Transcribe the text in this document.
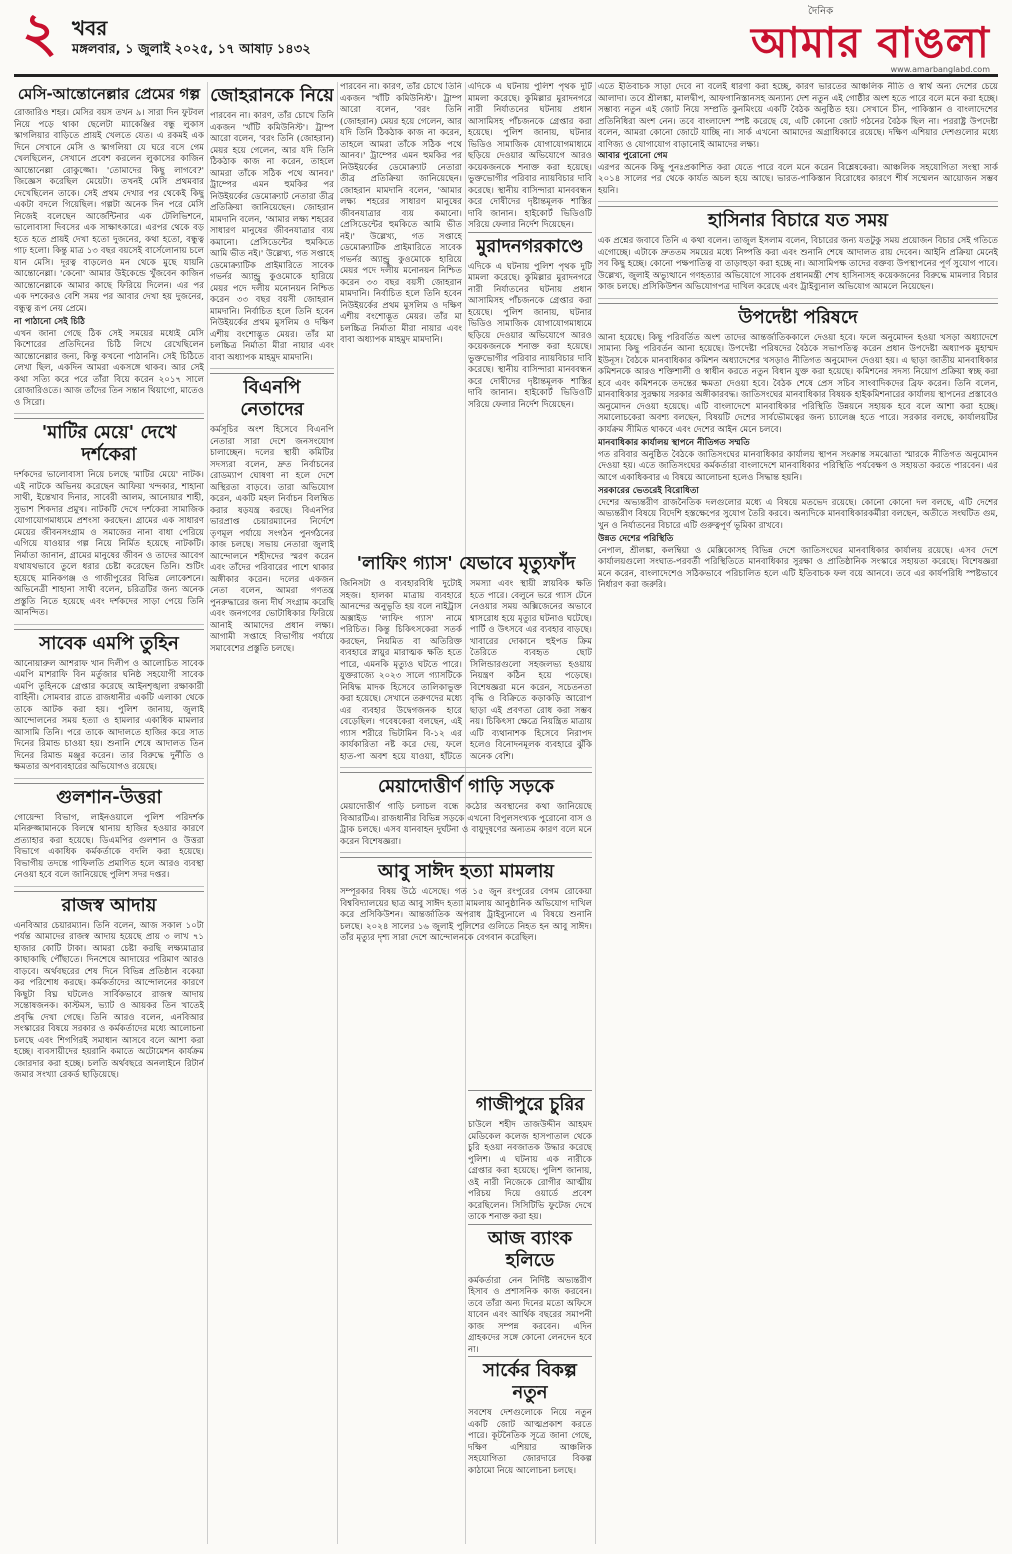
২ খবর
মঙ্গলবার, ১ জুলাই ২০২৫, ১৭ আষাঢ় ১৪৩২
দৈনিক
আমার বাঙলা
www.amarbanglabd.com
মেসি-আন্তোনেল্লার প্রেমের গল্প
রোজারিও শহর। মেসির বয়স তখন ৯। সারা দিন ফুটবল নিয়ে পড়ে থাকা ছেলেটা ম্যাকেঞ্জির বন্ধু লুকাস স্কাগলিয়ার বাড়িতে প্রায়ই খেলতে যেত। এ রকমই এক দিনে সেখানে মেসি ও স্কাগলিয়া যে ঘরে বসে গেম খেলছিলেন, সেখানে প্রবেশ করলেন লুকাসের কাজিন আন্তোনেল্লা রোকুজ্জো। 'তোমাদের কিছু লাগবে?' জিজ্ঞেস করেছিল মেয়েটা। তখনই মেসি প্রথমবার দেখেছিলেন তাকে। সেই প্রথম দেখার পর থেকেই কিছু একটা বদলে গিয়েছিল। গল্পটা অনেক দিন পরে মেসি নিজেই বলেছেন আর্জেন্টিনার এক টেলিভিশনে, ভালোবাসা দিবসের এক সাক্ষাৎকারে। এরপর থেকে বড় হতে হতে প্রায়ই দেখা হতো দুজনের, কথা হতো, বন্ধুত্ব গাঢ় হলো। কিন্তু মাত্র ১৩ বছর বয়সেই বার্সেলোনায় চলে যান মেসি। দূরত্ব বাড়লেও মন থেকে মুছে যায়নি আন্তোনেল্লা। 'কেনো' আমার উইকেন্ডে খুঁজবেন কাজিন আন্তোনেল্লাকে আমার কাছে ফিরিয়ে দিলেন। এর পর এক দশকেরও বেশি সময় পর আবার দেখা হয় দুজনের, বন্ধুত্ব রূপ নেয় প্রেমে।
না পাঠানো সেই চিঠি
এখন জানা গেছে ঠিক সেই সময়ের মধ্যেই মেসি কিশোরের প্রতিদিনের চিঠি লিখে রেখেছিলেন আন্তোনেল্লার জন্য, কিন্তু কখনো পাঠাননি। সেই চিঠিতে লেখা ছিল, একদিন আমরা একসঙ্গে থাকব। আর সেই কথা সত্যি করে পরে তাঁরা বিয়ে করেন ২০১৭ সালে রোজারিওতে। আজ তাঁদের তিন সন্তান থিয়াগো, মাতেও ও সিরো।
'মাটির মেয়ে' দেখে দর্শকেরা
দর্শকদের ভালোবাসা নিয়ে চলছে 'মাটির মেয়ে' নাটক। এই নাটকে অভিনয় করেছেন আফিয়া খন্দকার, শাহানা সাথী, ইন্তেখাব দিনার, সাবেরী আলম, আনোয়ার শাহী, সুভাশ শিকদার প্রমুখ। নাটকটি দেখে দর্শকেরা সামাজিক যোগাযোগমাধ্যমে প্রশংসা করছেন। গ্রামের এক সাধারণ মেয়ের জীবনসংগ্রাম ও সমাজের নানা বাধা পেরিয়ে এগিয়ে যাওয়ার গল্প নিয়ে নির্মিত হয়েছে নাটকটি। নির্মাতা জানান, গ্রামের মানুষের জীবন ও তাদের আবেগ যথাযথভাবে তুলে ধরার চেষ্টা করেছেন তিনি। শুটিং হয়েছে মানিকগঞ্জ ও গাজীপুরের বিভিন্ন লোকেশনে। অভিনেত্রী শাহানা সাথী বলেন, চরিত্রটির জন্য অনেক প্রস্তুতি নিতে হয়েছে এবং দর্শকদের সাড়া পেয়ে তিনি আনন্দিত।
সাবেক এমপি তুহিন
আনোয়ারুল আশরাফ খান দিলীপ ও আলোচিত সাবেক এমপি মাশরাফি বিন মর্তুজার ঘনিষ্ঠ সহযোগী সাবেক এমপি তুহিনকে গ্রেপ্তার করেছে আইনশৃঙ্খলা রক্ষাকারী বাহিনী। সোমবার রাতে রাজধানীর একটি এলাকা থেকে তাকে আটক করা হয়। পুলিশ জানায়, জুলাই আন্দোলনের সময় হত্যা ও হামলার একাধিক মামলার আসামি তিনি। পরে তাকে আদালতে হাজির করে সাত দিনের রিমান্ড চাওয়া হয়। শুনানি শেষে আদালত তিন দিনের রিমান্ড মঞ্জুর করেন। তার বিরুদ্ধে দুর্নীতি ও ক্ষমতার অপব্যবহারের অভিযোগও রয়েছে।
গুলশান-উত্তরা
গোয়েন্দা বিভাগ, লাইনওয়ালে পুলিশ পরিদর্শক মনিরুজ্জামানকে বিলম্বে থানায় হাজির হওয়ার কারণে প্রত্যাহার করা হয়েছে। ডিএমপির গুলশান ও উত্তরা বিভাগে একাধিক কর্মকর্তাকে বদলি করা হয়েছে। বিভাগীয় তদন্তে গাফিলতি প্রমাণিত হলে আরও ব্যবস্থা নেওয়া হবে বলে জানিয়েছে পুলিশ সদর দপ্তর।
রাজস্ব আদায়
এনবিআর চেয়ারম্যান। তিনি বলেন, আজ সকাল ১০টা পর্যন্ত আমাদের রাজস্ব আদায় হয়েছে প্রায় ৩ লাখ ৭১ হাজার কোটি টাকা। আমরা চেষ্টা করছি লক্ষ্যমাত্রার কাছাকাছি পৌঁছাতে। দিনশেষে আদায়ের পরিমাণ আরও বাড়বে। অর্থবছরের শেষ দিনে বিভিন্ন প্রতিষ্ঠান বকেয়া কর পরিশোধ করছে। কর্মকর্তাদের আন্দোলনের কারণে কিছুটা বিঘ্ন ঘটলেও সার্বিকভাবে রাজস্ব আদায় সন্তোষজনক। কাস্টমস, ভ্যাট ও আয়কর তিন খাতেই প্রবৃদ্ধি দেখা গেছে। তিনি আরও বলেন, এনবিআর সংস্কারের বিষয়ে সরকার ও কর্মকর্তাদের মধ্যে আলোচনা চলছে এবং শিগগিরই সমাধান আসবে বলে আশা করা হচ্ছে। ব্যবসায়ীদের হয়রানি কমাতে অটোমেশন কার্যক্রম জোরদার করা হচ্ছে। চলতি অর্থবছরে অনলাইনে রিটার্ন জমার সংখ্যা রেকর্ড ছাড়িয়েছে।
জোহরানকে নিয়ে
পারবেন না। কারণ, তাঁর চোখে তিনি একজন 'খাঁটি কমিউনিস্ট'। ট্রাম্প আরো বলেন, 'বরং তিনি (জোহরান) মেয়র হয়ে গেলেন, আর যদি তিনি ঠিকঠাক কাজ না করেন, তাহলে আমরা তাঁকে সঠিক পথে আনব।' ট্রাম্পের এমন হুমকির পর নিউইয়র্কের ডেমোক্র্যাট নেতারা তীব্র প্রতিক্রিয়া জানিয়েছেন। জোহরান মামদানি বলেন, 'আমার লক্ষ্য শহরের সাধারণ মানুষের জীবনযাত্রার ব্যয় কমানো। প্রেসিডেন্টের হুমকিতে আমি ভীত নই।' উল্লেখ্য, গত সপ্তাহে ডেমোক্র্যাটিক প্রাইমারিতে সাবেক গভর্নর অ্যান্ড্রু কুওমোকে হারিয়ে মেয়র পদে দলীয় মনোনয়ন নিশ্চিত করেন ৩৩ বছর বয়সী জোহরান মামদানি। নির্বাচিত হলে তিনি হবেন নিউইয়র্কের প্রথম মুসলিম ও দক্ষিণ এশীয় বংশোদ্ভূত মেয়র। তাঁর মা চলচ্চিত্র নির্মাতা মীরা নায়ার এবং বাবা অধ্যাপক মাহমুদ মামদানি।
বিএনপি নেতাদের
কর্মসূচির অংশ হিসেবে বিএনপি নেতারা সারা দেশে জনসংযোগ চালাচ্ছেন। দলের স্থায়ী কমিটির সদস্যরা বলেন, দ্রুত নির্বাচনের রোডম্যাপ ঘোষণা না হলে দেশে অস্থিরতা বাড়বে। তারা অভিযোগ করেন, একটি মহল নির্বাচন বিলম্বিত করার ষড়যন্ত্র করছে। বিএনপির ভারপ্রাপ্ত চেয়ারম্যানের নির্দেশে তৃণমূল পর্যায়ে সংগঠন পুনর্গঠনের কাজ চলছে। সভায় নেতারা জুলাই আন্দোলনে শহীদদের স্মরণ করেন এবং তাঁদের পরিবারের পাশে থাকার অঙ্গীকার করেন। দলের একজন নেতা বলেন, আমরা গণতন্ত্র পুনরুদ্ধারের জন্য দীর্ঘ সংগ্রাম করেছি এবং জনগণের ভোটাধিকার ফিরিয়ে আনাই আমাদের প্রধান লক্ষ্য। আগামী সপ্তাহে বিভাগীয় পর্যায়ে সমাবেশের প্রস্তুতি চলছে।
'লাফিং গ্যাস' যেভাবে মৃত্যুফাঁদ
জিনিসটা ও ব্যবহারবিধি দুটোই সহজ। হালকা মাত্রায় ব্যবহারে আনন্দের অনুভূতি হয় বলে নাইট্রাস অক্সাইড 'লাফিং গ্যাস' নামে পরিচিত। কিন্তু চিকিৎসকেরা সতর্ক করছেন, নিয়মিত বা অতিরিক্ত ব্যবহারে স্নায়ুর মারাত্মক ক্ষতি হতে পারে, এমনকি মৃত্যুও ঘটতে পারে। যুক্তরাজ্যে ২০২৩ সালে গ্যাসটিকে নিষিদ্ধ মাদক হিসেবে তালিকাভুক্ত করা হয়েছে। সেখানে তরুণদের মধ্যে এর ব্যবহার উদ্বেগজনক হারে বেড়েছিল। গবেষকেরা বলছেন, এই গ্যাস শরীরে ভিটামিন বি-১২ এর কার্যকারিতা নষ্ট করে দেয়, ফলে হাত-পা অবশ হয়ে যাওয়া, হাঁটতে সমস্যা এবং স্থায়ী স্নায়বিক ক্ষতি হতে পারে। বেলুনে ভরে গ্যাস টেনে নেওয়ার সময় অক্সিজেনের অভাবে শ্বাসরোধ হয়ে মৃত্যুর ঘটনাও ঘটেছে। পার্টি ও উৎসবে এর ব্যবহার বাড়ছে। খাবারের দোকানে হুইপড ক্রিম তৈরিতে ব্যবহৃত ছোট সিলিন্ডারগুলো সহজলভ্য হওয়ায় নিয়ন্ত্রণ কঠিন হয়ে পড়েছে। বিশেষজ্ঞরা মনে করেন, সচেতনতা বৃদ্ধি ও বিক্রিতে কড়াকড়ি আরোপ ছাড়া এই প্রবণতা রোধ করা সম্ভব নয়। চিকিৎসা ক্ষেত্রে নিয়ন্ত্রিত মাত্রায় এটি ব্যথানাশক হিসেবে নিরাপদ হলেও বিনোদনমূলক ব্যবহারে ঝুঁকি অনেক বেশি।
মেয়াদোত্তীর্ণ গাড়ি সড়কে
মেয়াদোত্তীর্ণ গাড়ি চলাচল বন্ধে কঠোর অবস্থানের কথা জানিয়েছে বিআরটিএ। রাজধানীর বিভিন্ন সড়কে এখনো বিপুলসংখ্যক পুরোনো বাস ও ট্রাক চলছে। এসব যানবাহন দুর্ঘটনা ও বায়ুদূষণের অন্যতম কারণ বলে মনে করেন বিশেষজ্ঞরা।
আবু সাঈদ হত্যা মামলায়
সম্পূরকার বিষয় উঠে এসেছে। গত ১৫ জুন রংপুরের বেগম রোকেয়া বিশ্ববিদ্যালয়ের ছাত্র আবু সাঈদ হত্যা মামলায় আনুষ্ঠানিক অভিযোগ দাখিল করে প্রসিকিউশন। আন্তর্জাতিক অপরাধ ট্রাইব্যুনালে এ বিষয়ে শুনানি চলছে। ২০২৪ সালের ১৬ জুলাই পুলিশের গুলিতে নিহত হন আবু সাঈদ। তাঁর মৃত্যুর দৃশ্য সারা দেশে আন্দোলনকে বেগবান করেছিল।
পারবেন না। কারণ, তাঁর চোখে তিনি একজন 'খাঁটি কমিউনিস্ট'। ট্রাম্প আরো বলেন, 'বরং তিনি (জোহরান) মেয়র হয়ে গেলেন, আর যদি তিনি ঠিকঠাক কাজ না করেন, তাহলে আমরা তাঁকে সঠিক পথে আনব।' ট্রাম্পের এমন হুমকির পর নিউইয়র্কের ডেমোক্র্যাট নেতারা তীব্র প্রতিক্রিয়া জানিয়েছেন। জোহরান মামদানি বলেন, 'আমার লক্ষ্য শহরের সাধারণ মানুষের জীবনযাত্রার ব্যয় কমানো। প্রেসিডেন্টের হুমকিতে আমি ভীত নই।' উল্লেখ্য, গত সপ্তাহে ডেমোক্র্যাটিক প্রাইমারিতে সাবেক গভর্নর অ্যান্ড্রু কুওমোকে হারিয়ে মেয়র পদে দলীয় মনোনয়ন নিশ্চিত করেন ৩৩ বছর বয়সী জোহরান মামদানি। নির্বাচিত হলে তিনি হবেন নিউইয়র্কের প্রথম মুসলিম ও দক্ষিণ এশীয় বংশোদ্ভূত মেয়র। তাঁর মা চলচ্চিত্র নির্মাতা মীরা নায়ার এবং বাবা অধ্যাপক মাহমুদ মামদানি।
এদিকে এ ঘটনায় পুলিশ পৃথক দুটি মামলা করেছে। কুমিল্লার মুরাদনগরে নারী নির্যাতনের ঘটনায় প্রধান আসামিসহ পাঁচজনকে গ্রেপ্তার করা হয়েছে। পুলিশ জানায়, ঘটনার ভিডিও সামাজিক যোগাযোগমাধ্যমে ছড়িয়ে দেওয়ার অভিযোগে আরও কয়েকজনকে শনাক্ত করা হয়েছে। ভুক্তভোগীর পরিবার ন্যায়বিচার দাবি করেছে। স্থানীয় বাসিন্দারা মানববন্ধন করে দোষীদের দৃষ্টান্তমূলক শাস্তির দাবি জানান। হাইকোর্ট ভিডিওটি সরিয়ে ফেলার নির্দেশ দিয়েছেন।
মুরাদনগরকাণ্ডে
এদিকে এ ঘটনায় পুলিশ পৃথক দুটি মামলা করেছে। কুমিল্লার মুরাদনগরে নারী নির্যাতনের ঘটনায় প্রধান আসামিসহ পাঁচজনকে গ্রেপ্তার করা হয়েছে। পুলিশ জানায়, ঘটনার ভিডিও সামাজিক যোগাযোগমাধ্যমে ছড়িয়ে দেওয়ার অভিযোগে আরও কয়েকজনকে শনাক্ত করা হয়েছে। ভুক্তভোগীর পরিবার ন্যায়বিচার দাবি করেছে। স্থানীয় বাসিন্দারা মানববন্ধন করে দোষীদের দৃষ্টান্তমূলক শাস্তির দাবি জানান। হাইকোর্ট ভিডিওটি সরিয়ে ফেলার নির্দেশ দিয়েছেন।
এতে ইতিবাচক সাড়া দেবে না বলেই ধারণা করা হচ্ছে, কারণ ভারতের আঞ্চলিক নীতি ও স্বার্থ অন্য দেশের চেয়ে আলাদা। তবে শ্রীলঙ্কা, মালদ্বীপ, আফগানিস্তানসহ অন্যান্য দেশ নতুন এই গোষ্ঠীর অংশ হতে পারে বলে মনে করা হচ্ছে। সম্ভাব্য নতুন এই জোট নিয়ে সম্প্রতি কুনমিংয়ে একটি বৈঠক অনুষ্ঠিত হয়। সেখানে চীন, পাকিস্তান ও বাংলাদেশের প্রতিনিধিরা অংশ নেন। তবে বাংলাদেশ স্পষ্ট করেছে যে, এটি কোনো জোট গঠনের বৈঠক ছিল না। পররাষ্ট্র উপদেষ্টা বলেন, আমরা কোনো জোটে যাচ্ছি না। সার্ক এখনো আমাদের অগ্রাধিকারে রয়েছে। দক্ষিণ এশিয়ার দেশগুলোর মধ্যে বাণিজ্য ও যোগাযোগ বাড়ানোই আমাদের লক্ষ্য।
আবার পুরোনো গেম
এরপর অনেক কিছু পুনঃপ্রকাশিত করা যেতে পারে বলে মনে করেন বিশ্লেষকেরা। আঞ্চলিক সহযোগিতা সংস্থা সার্ক ২০১৪ সালের পর থেকে কার্যত অচল হয়ে আছে। ভারত-পাকিস্তান বিরোধের কারণে শীর্ষ সম্মেলন আয়োজন সম্ভব হয়নি।
হাসিনার বিচারে যত সময়
এক প্রশ্নের জবাবে তিনি এ কথা বলেন। তাজুল ইসলাম বলেন, বিচারের জন্য যতটুকু সময় প্রয়োজন বিচার সেই গতিতে এগোচ্ছে। এটাকে দ্রুততম সময়ের মধ্যে নিষ্পত্তি করা এবং শুনানি শেষে আদালত রায় দেবেন। আইনি প্রক্রিয়া মেনেই সব কিছু হচ্ছে। কোনো পক্ষপাতিত্ব বা তাড়াহুড়া করা হচ্ছে না। আসামিপক্ষ তাদের বক্তব্য উপস্থাপনের পূর্ণ সুযোগ পাবে। উল্লেখ্য, জুলাই অভ্যুত্থানে গণহত্যার অভিযোগে সাবেক প্রধানমন্ত্রী শেখ হাসিনাসহ কয়েকজনের বিরুদ্ধে মামলার বিচার কাজ চলছে। প্রসিকিউশন অভিযোগপত্র দাখিল করেছে এবং ট্রাইব্যুনাল অভিযোগ আমলে নিয়েছেন।
উপদেষ্টা পরিষদে
আনা হয়েছে। কিছু পরিবর্তিত অংশ তাদের আন্তর্জাতিককালে দেওয়া হবে। ফলে অনুমোদন হওয়া খসড়া অধ্যাদেশে সামান্য কিছু পরিবর্তন আনা হয়েছে। উপদেষ্টা পরিষদের বৈঠকে সভাপতিত্ব করেন প্রধান উপদেষ্টা অধ্যাপক মুহাম্মদ ইউনূস। বৈঠকে মানবাধিকার কমিশন অধ্যাদেশের খসড়াও নীতিগত অনুমোদন দেওয়া হয়। এ ছাড়া জাতীয় মানবাধিকার কমিশনকে আরও শক্তিশালী ও স্বাধীন করতে নতুন বিধান যুক্ত করা হয়েছে। কমিশনের সদস্য নিয়োগ প্রক্রিয়া স্বচ্ছ করা হবে এবং কমিশনকে তদন্তের ক্ষমতা দেওয়া হবে। বৈঠক শেষে প্রেস সচিব সাংবাদিকদের ব্রিফ করেন। তিনি বলেন, মানবাধিকার সুরক্ষায় সরকার অঙ্গীকারবদ্ধ। জাতিসংঘের মানবাধিকার বিষয়ক হাইকমিশনারের কার্যালয় স্থাপনের প্রস্তাবেও অনুমোদন দেওয়া হয়েছে। এটি বাংলাদেশে মানবাধিকার পরিস্থিতি উন্নয়নে সহায়ক হবে বলে আশা করা হচ্ছে। সমালোচকেরা অবশ্য বলছেন, বিষয়টি দেশের সার্বভৌমত্বের জন্য চ্যালেঞ্জ হতে পারে। সরকার বলছে, কার্যালয়টির কার্যক্রম সীমিত থাকবে এবং দেশের আইন মেনে চলবে।
মানবাধিকার কার্যালয় স্থাপনে নীতিগত সম্মতি
গত রবিবার অনুষ্ঠিত বৈঠকে জাতিসংঘের মানবাধিকার কার্যালয় স্থাপন সংক্রান্ত সমঝোতা স্মারকে নীতিগত অনুমোদন দেওয়া হয়। এতে জাতিসংঘের কর্মকর্তারা বাংলাদেশে মানবাধিকার পরিস্থিতি পর্যবেক্ষণ ও সহায়তা করতে পারবেন। এর আগে একাধিকবার এ বিষয়ে আলোচনা হলেও সিদ্ধান্ত হয়নি।
সরকারের ভেতরেই বিরোধিতা
দেশের অভ্যন্তরীণ রাজনৈতিক দলগুলোর মধ্যে এ বিষয়ে মতভেদ রয়েছে। কোনো কোনো দল বলছে, এটি দেশের অভ্যন্তরীণ বিষয়ে বিদেশি হস্তক্ষেপের সুযোগ তৈরি করবে। অন্যদিকে মানবাধিকারকর্মীরা বলছেন, অতীতে সংঘটিত গুম, খুন ও নির্যাতনের বিচারে এটি গুরুত্বপূর্ণ ভূমিকা রাখবে।
উন্নত দেশের পরিস্থিতি
নেপাল, শ্রীলঙ্কা, কলম্বিয়া ও মেক্সিকোসহ বিভিন্ন দেশে জাতিসংঘের মানবাধিকার কার্যালয় রয়েছে। এসব দেশে কার্যালয়গুলো সংঘাত-পরবর্তী পরিস্থিতিতে মানবাধিকার সুরক্ষা ও প্রাতিষ্ঠানিক সংস্কারে সহায়তা করেছে। বিশেষজ্ঞরা মনে করেন, বাংলাদেশেও সঠিকভাবে পরিচালিত হলে এটি ইতিবাচক ফল বয়ে আনবে। তবে এর কার্যপরিধি স্পষ্টভাবে নির্ধারণ করা জরুরি।
গাজীপুরে চুরির
চাউলে শহীদ তাজউদ্দীন আহমদ মেডিকেল কলেজ হাসপাতাল থেকে চুরি হওয়া নবজাতক উদ্ধার করেছে পুলিশ। এ ঘটনায় এক নারীকে গ্রেপ্তার করা হয়েছে। পুলিশ জানায়, ওই নারী নিজেকে রোগীর আত্মীয় পরিচয় দিয়ে ওয়ার্ডে প্রবেশ করেছিলেন। সিসিটিভি ফুটেজ দেখে তাকে শনাক্ত করা হয়।
আজ ব্যাংক হলিডে
কর্মকর্তারা নেন নির্দিষ্ট অভ্যন্তরীণ হিসাব ও প্রশাসনিক কাজ করবেন। তবে তাঁরা অন্য দিনের মতো অফিসে যাবেন এবং আর্থিক বছরের সমাপনী কাজ সম্পন্ন করবেন। এদিন গ্রাহকদের সঙ্গে কোনো লেনদেন হবে না।
সার্কের বিকল্প নতুন
সবশেষ দেশগুলোকে নিয়ে নতুন একটি জোট আত্মপ্রকাশ করতে পারে। কূটনৈতিক সূত্রে জানা গেছে, দক্ষিণ এশিয়ার আঞ্চলিক সহযোগিতা জোরদারে বিকল্প কাঠামো নিয়ে আলোচনা চলছে।
